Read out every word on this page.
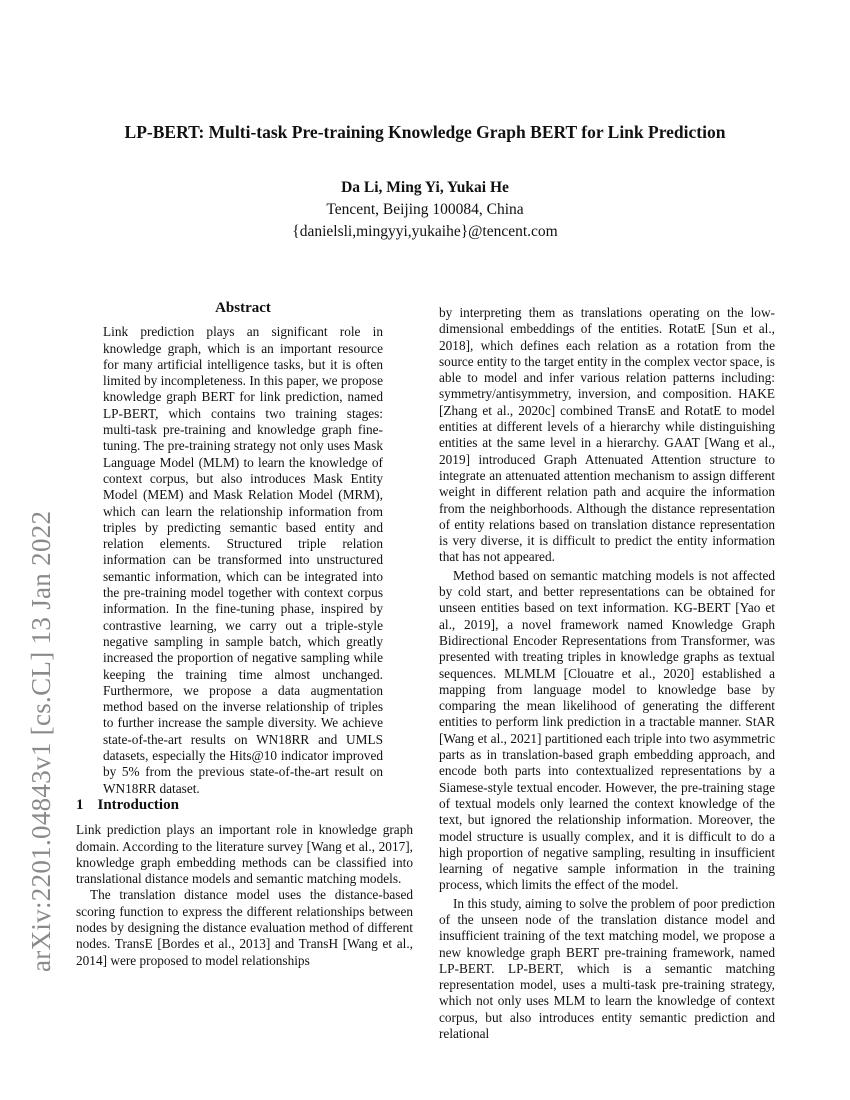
LP-BERT: Multi-task Pre-training Knowledge Graph BERT for Link Prediction
Da Li, Ming Yi, Yukai He
Tencent, Beijing 100084, China
{danielsli,mingyyi,yukaihe}@tencent.com
arXiv:2201.04843v1 [cs.CL] 13 Jan 2022
Abstract

Link prediction plays an significant role in knowledge graph, which is an important resource for many artificial intelligence tasks, but it is often limited by incompleteness. In this paper, we propose knowledge graph BERT for link prediction, named LP-BERT, which contains two training stages: multi-task pre-training and knowledge graph fine-tuning. The pre-training strategy not only uses Mask Language Model (MLM) to learn the knowledge of context corpus, but also introduces Mask Entity Model (MEM) and Mask Relation Model (MRM), which can learn the relationship information from triples by predicting semantic based entity and relation elements. Structured triple relation information can be transformed into unstructured semantic information, which can be integrated into the pre-training model together with context corpus information. In the fine-tuning phase, inspired by contrastive learning, we carry out a triple-style negative sampling in sample batch, which greatly increased the proportion of negative sampling while keeping the training time almost unchanged. Furthermore, we propose a data augmentation method based on the inverse relationship of triples to further increase the sample diversity. We achieve state-of-the-art results on WN18RR and UMLS datasets, especially the Hits@10 indicator improved by 5% from the previous state-of-the-art result on WN18RR dataset.

1 Introduction

Link prediction plays an important role in knowledge graph domain. According to the literature survey [Wang et al., 2017], knowledge graph embedding methods can be classified into translational distance models and semantic matching models.

The translation distance model uses the distance-based scoring function to express the different relationships between nodes by designing the distance evaluation method of different nodes. TransE [Bordes et al., 2013] and TransH [Wang et al., 2014] were proposed to model relationships

by interpreting them as translations operating on the low-dimensional embeddings of the entities. RotatE [Sun et al., 2018], which defines each relation as a rotation from the source entity to the target entity in the complex vector space, is able to model and infer various relation patterns including: symmetry/antisymmetry, inversion, and composition. HAKE [Zhang et al., 2020c] combined TransE and RotatE to model entities at different levels of a hierarchy while distinguishing entities at the same level in a hierarchy. GAAT [Wang et al., 2019] introduced Graph Attenuated Attention structure to integrate an attenuated attention mechanism to assign different weight in different relation path and acquire the information from the neighborhoods. Although the distance representation of entity relations based on translation distance representation is very diverse, it is difficult to predict the entity information that has not appeared.

Method based on semantic matching models is not affected by cold start, and better representations can be obtained for unseen entities based on text information. KG-BERT [Yao et al., 2019], a novel framework named Knowledge Graph Bidirectional Encoder Representations from Transformer, was presented with treating triples in knowledge graphs as textual sequences. MLMLM [Clouatre et al., 2020] established a mapping from language model to knowledge base by comparing the mean likelihood of generating the different entities to perform link prediction in a tractable manner. StAR [Wang et al., 2021] partitioned each triple into two asymmetric parts as in translation-based graph embedding approach, and encode both parts into contextualized representations by a Siamese-style textual encoder. However, the pre-training stage of textual models only learned the context knowledge of the text, but ignored the relationship information. Moreover, the model structure is usually complex, and it is difficult to do a high proportion of negative sampling, resulting in insufficient learning of negative sample information in the training process, which limits the effect of the model.

In this study, aiming to solve the problem of poor prediction of the unseen node of the translation distance model and insufficient training of the text matching model, we propose a new knowledge graph BERT pre-training framework, named LP-BERT. LP-BERT, which is a semantic matching representation model, uses a multi-task pre-training strategy, which not only uses MLM to learn the knowledge of context corpus, but also introduces entity semantic prediction and relational
